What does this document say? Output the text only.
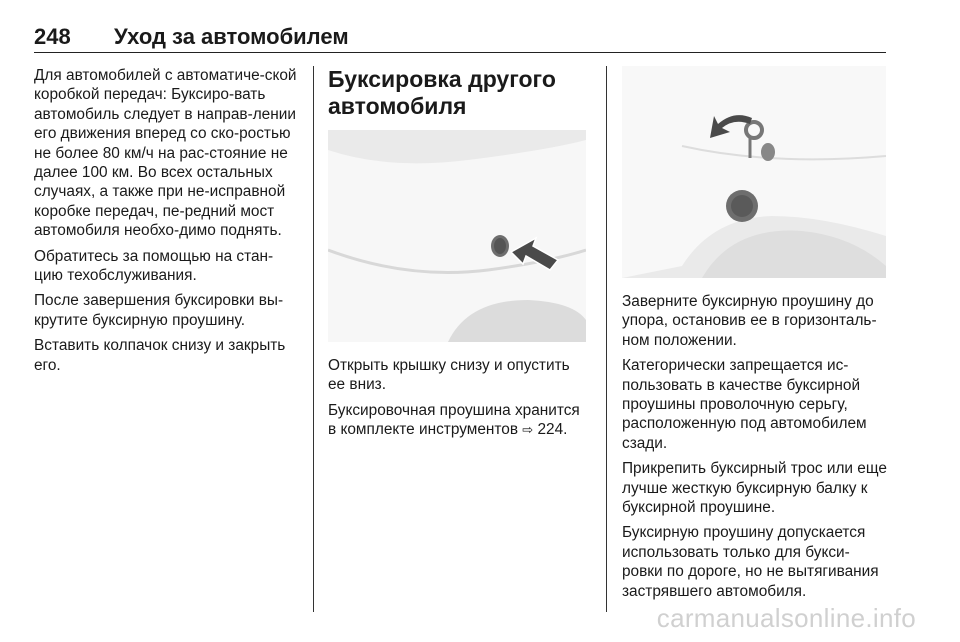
248 Уход за автомобилем

Для автомобилей с автоматиче-ской коробкой передач: Буксиро-вать автомобиль следует в направ-лении его движения вперед со ско-ростью не более 80 км/ч на рас-стояние не далее 100 км. Во всех остальных случаях, а также при не-исправной коробке передач, пе-редний мост автомобиля необхо-димо поднять.

Обратитесь за помощью на стан-цию техобслуживания.

После завершения буксировки вы-крутите буксирную проушину.

Вставить колпачок снизу и закрыть его.

Буксировка другого автомобиля

Открыть крышку снизу и опустить ее вниз.

Буксировочная проушина хранится в комплекте инструментов ⇨ 224.

Заверните буксирную проушину до упора, остановив ее в горизонталь-ном положении.

Категорически запрещается ис-пользовать в качестве буксирной проушины проволочную серьгу, расположенную под автомобилем сзади.

Прикрепить буксирный трос или еще лучше жесткую буксирную балку к буксирной проушине.

Буксирную проушину допускается использовать только для букси-ровки по дороге, но не вытягивания застрявшего автомобиля.

carmanualsonline.info
